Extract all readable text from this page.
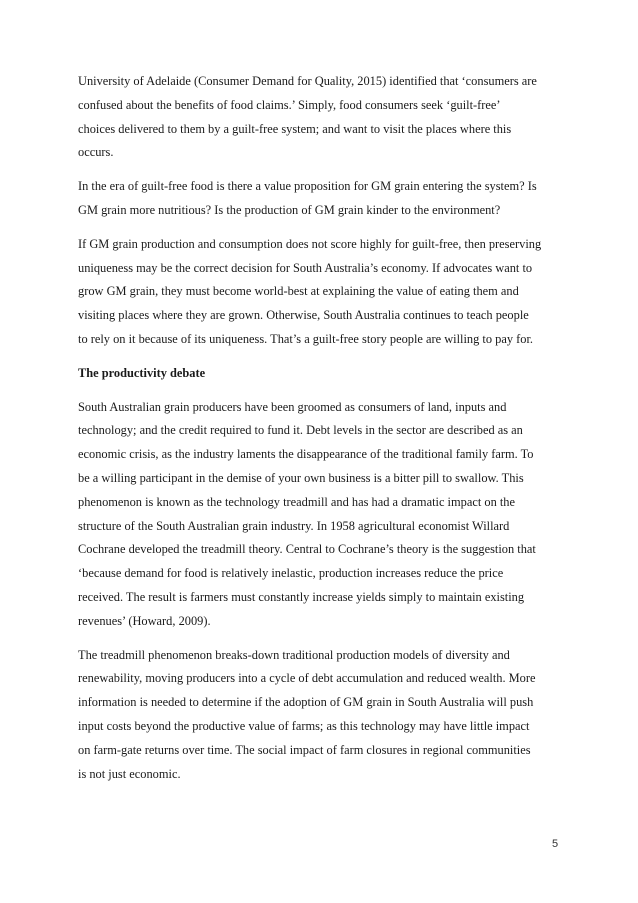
University of Adelaide (Consumer Demand for Quality, 2015) identified that ‘consumers are
confused about the benefits of food claims.’ Simply, food consumers seek ‘guilt-free’
choices delivered to them by a guilt-free system; and want to visit the places where this
occurs.

In the era of guilt-free food is there a value proposition for GM grain entering the system? Is
GM grain more nutritious? Is the production of GM grain kinder to the environment?

If GM grain production and consumption does not score highly for guilt-free, then preserving
uniqueness may be the correct decision for South Australia’s economy. If advocates want to
grow GM grain, they must become world-best at explaining the value of eating them and
visiting places where they are grown. Otherwise, South Australia continues to teach people
to rely on it because of its uniqueness. That’s a guilt-free story people are willing to pay for.

The productivity debate

South Australian grain producers have been groomed as consumers of land, inputs and
technology; and the credit required to fund it. Debt levels in the sector are described as an
economic crisis, as the industry laments the disappearance of the traditional family farm. To
be a willing participant in the demise of your own business is a bitter pill to swallow. This
phenomenon is known as the technology treadmill and has had a dramatic impact on the
structure of the South Australian grain industry. In 1958 agricultural economist Willard
Cochrane developed the treadmill theory. Central to Cochrane’s theory is the suggestion that
‘because demand for food is relatively inelastic, production increases reduce the price
received. The result is farmers must constantly increase yields simply to maintain existing
revenues’ (Howard, 2009).

The treadmill phenomenon breaks-down traditional production models of diversity and
renewability, moving producers into a cycle of debt accumulation and reduced wealth. More
information is needed to determine if the adoption of GM grain in South Australia will push
input costs beyond the productive value of farms; as this technology may have little impact
on farm-gate returns over time. The social impact of farm closures in regional communities
is not just economic.

5
